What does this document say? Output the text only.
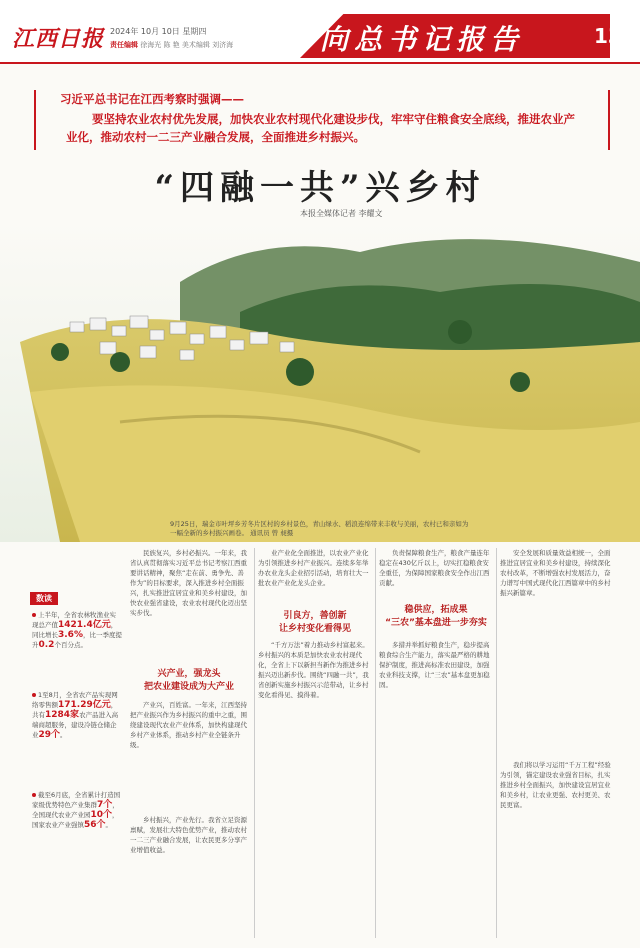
江西日报 2024年 10月 10日 星期四
责任编辑 徐海光 陈 艳 美术编辑 刘济海	向总书记报告	13
习近平总书记在江西考察时强调——
要坚持农业农村优先发展，加快农业农村现代化建设步伐，牢牢守住粮食安全底线，推进农业产业化，推动农村一二三产业融合发展，全面推进乡村振兴。
“四融一共”兴乡村
本报全媒体记者 李耀文
9月25日，瑞金市叶坪乡芳冬片区村的乡村景色，青山绿水、稻浪连绵带来丰收与美丽，农村已和亲如为一幅全新的乡村振兴画卷。 通讯员 曾 昶摄
数读
上半年，全省农林牧渔业实现总产值1421.4亿元，同比增长3.6%，比一季度提升0.2个百分点。
1至8月，全省农产品实现网络零售额171.29亿元，共有1284家农产品进入高端商超服务，建设冷链仓储企业29个。
截至6月底，全省累计打造国家级优势特色产业集群7个，全国现代农业产业园10个，国家农业产业强镇56个。
民族复兴，乡村必振兴。一年来，我省认真贯彻落实习近平总书记考察江西重要讲话精神，聚焦“走在前、勇争先、善作为”的目标要求，深入推进乡村全面振兴，扎实推进宜居宜业和美乡村建设，加快农业强省建设，农业农村现代化迈出坚实步伐。
兴产业，强龙头
把农业建设成为大产业
产业兴，百姓富。一年来，江西坚持把产业振兴作为乡村振兴的重中之重，围绕建设现代农业产业体系，加快构建现代乡村产业体系，推动乡村产业全链条升级。
乡村振兴，产业先行。我省立足资源禀赋，发展壮大特色优势产业，推动农村一二三产业融合发展，让农民更多分享产业增值收益。
业产业化全面推进，以农业产业化为引领推进乡村产业振兴。连续多年举办农业龙头企业招引活动，培育壮大一批农业产业化龙头企业。
引良方，善创新
让乡村变化看得见
“千方万法”着力推动乡村富起来。乡村振兴的本质是加快农业农村现代化，全省上下以新担当新作为推进乡村振兴迈出新步伐。围绕“四融一共”，我省创新实施乡村振兴示范带动，让乡村变化看得见、摸得着。
负责保障粮食生产，粮食产量连年稳定在430亿斤以上，切实扛稳粮食安全重任，为保障国家粮食安全作出江西贡献。
稳供应，拓成果
“三农”基本盘进一步夯实
多措并举抓好粮食生产，稳步提高粮食综合生产能力，落实最严格的耕地保护制度，推进高标准农田建设，加强农业科技支撑，让“三农”基本盘更加稳固。
安全发展和质量效益相统一，全面推进宜居宜业和美乡村建设，持续深化农村改革，不断增强农村发展活力，奋力谱写中国式现代化江西篇章中的乡村振兴新篇章。
我们将以学习运用“千万工程”经验为引领，锚定建设农业强省目标，扎实推进乡村全面振兴，加快建设宜居宜业和美乡村，让农业更强、农村更美、农民更富。
